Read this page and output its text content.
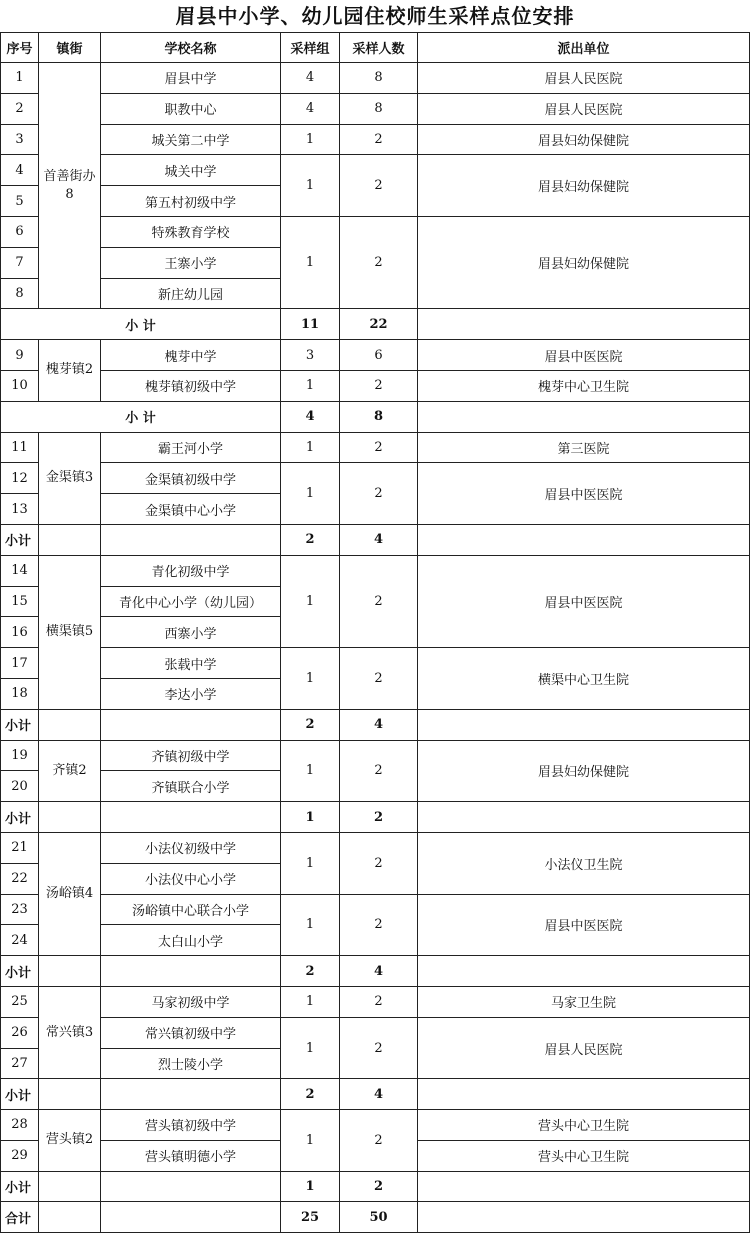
眉县中小学、幼儿园住校师生采样点位安排
序号	镇街	学校名称	采样组	采样人数	派出单位
1	首善街办8	眉县中学	4	8	眉县人民医院
2		职教中心	4	8	眉县人民医院
3		城关第二中学	1	2	眉县妇幼保健院
4		城关中学	1	2	眉县妇幼保健院
5		第五村初级中学			
6		特殊教育学校	1	2	眉县妇幼保健院
7		王寨小学			
8		新庄幼儿园			
小 计			11	22	
9	槐芽镇2	槐芽中学	3	6	眉县中医医院
10		槐芽镇初级中学	1	2	槐芽中心卫生院
小 计			4	8	
11	金渠镇3	霸王河小学	1	2	第三医院
12		金渠镇初级中学	1	2	眉县中医医院
13		金渠镇中心小学			
小计			2	4	
14	横渠镇5	青化初级中学	1	2	眉县中医医院
15		青化中心小学（幼儿园）			
16		西寨小学			
17		张载中学	1	2	横渠中心卫生院
18		李达小学			
小计			2	4	
19	齐镇2	齐镇初级中学	1	2	眉县妇幼保健院
20		齐镇联合小学			
小计			1	2	
21	汤峪镇4	小法仪初级中学	1	2	小法仪卫生院
22		小法仪中心小学			
23		汤峪镇中心联合小学	1	2	眉县中医医院
24		太白山小学			
小计			2	4	
25	常兴镇3	马家初级中学	1	2	马家卫生院
26		常兴镇初级中学	1	2	眉县人民医院
27		烈士陵小学			
小计			2	4	
28	营头镇2	营头镇初级中学	1	2	营头中心卫生院
29		营头镇明德小学			营头中心卫生院
小计			1	2	
合计			25	50	
